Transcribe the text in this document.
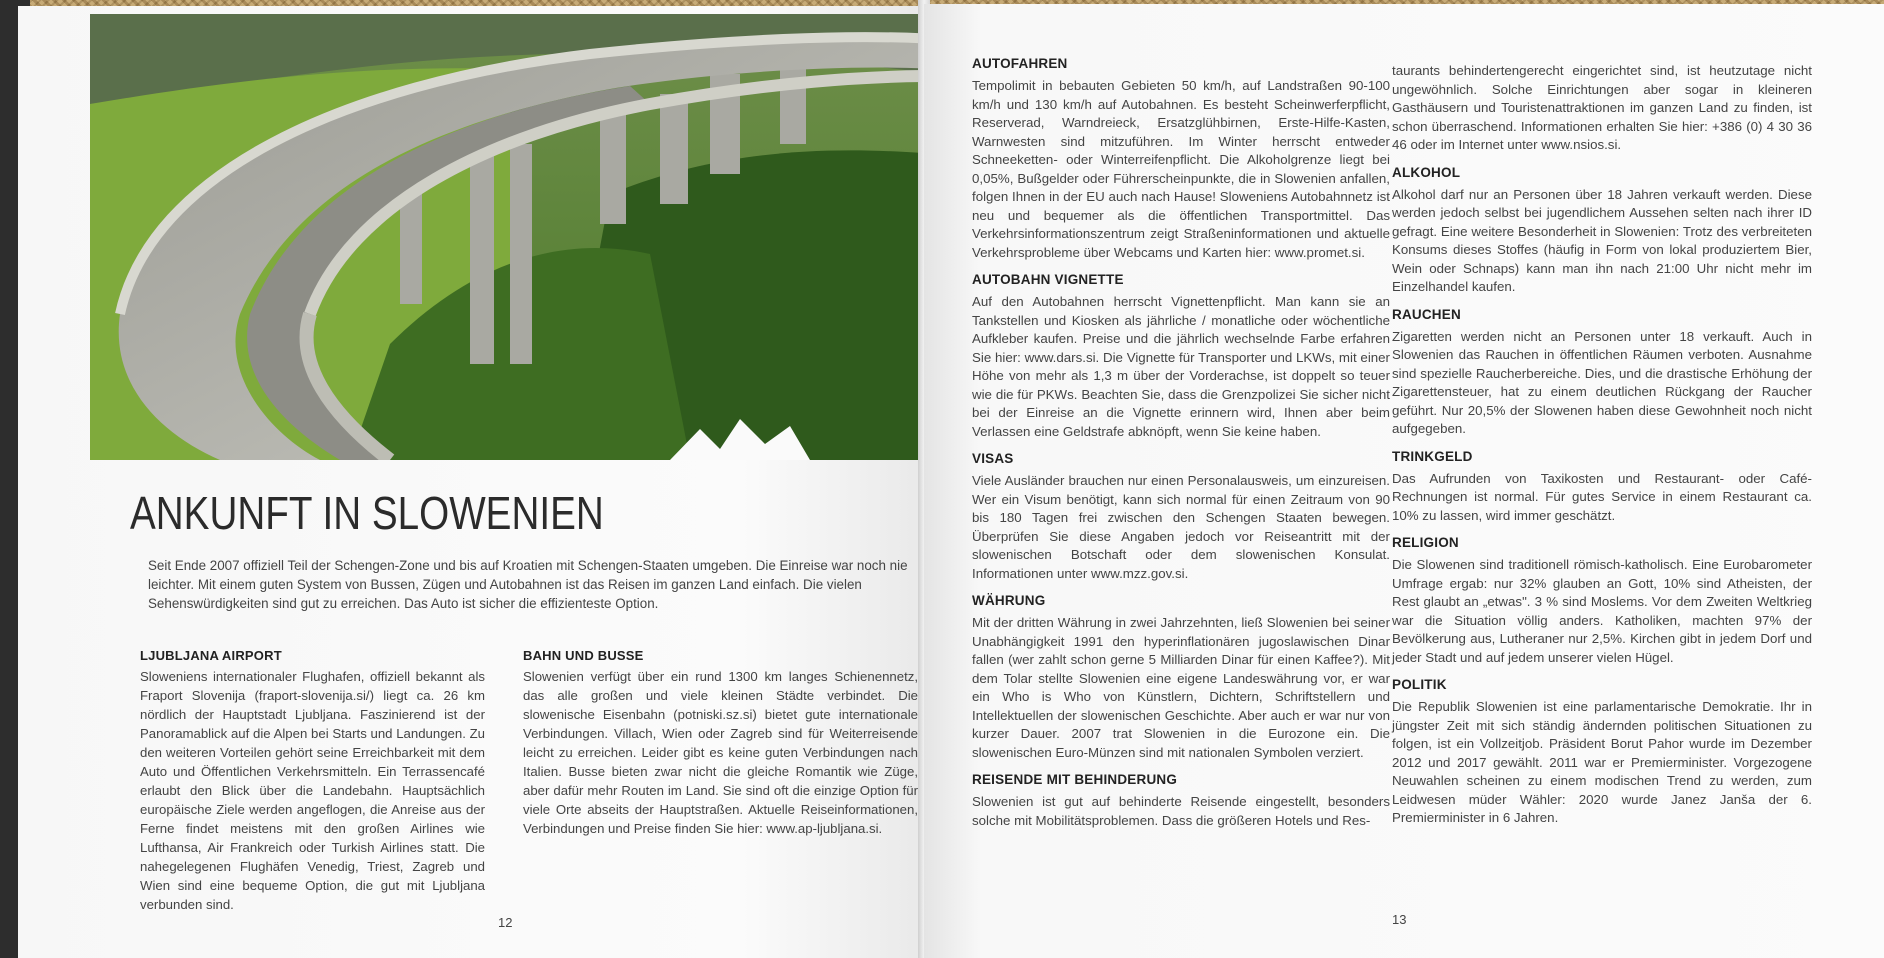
ANKUNFT IN SLOWENIEN

Seit Ende 2007 offiziell Teil der Schengen-Zone und bis auf Kroatien mit Schengen-Staaten umgeben. Die Einreise war noch nie leichter. Mit einem guten System von Bussen, Zügen und Autobahnen ist das Reisen im ganzen Land einfach. Die vielen Sehenswürdigkeiten sind gut zu erreichen. Das Auto ist sicher die effizienteste Option.

LJUBLJANA AIRPORT

Sloweniens internationaler Flughafen, offiziell bekannt als Fraport Slovenija (fraport-slovenija.si/) liegt ca. 26 km nördlich der Hauptstadt Ljubljana. Faszinierend ist der Panoramablick auf die Alpen bei Starts und Landungen. Zu den weiteren Vorteilen gehört seine Erreichbarkeit mit dem Auto und Öffentlichen Verkehrsmitteln. Ein Terrassencafé erlaubt den Blick über die Landebahn. Hauptsächlich europäische Ziele werden angeflogen, die Anreise aus der Ferne findet meistens mit den großen Airlines wie Lufthansa, Air Frankreich oder Turkish Airlines statt. Die nahegelegenen Flughäfen Venedig, Triest, Zagreb und Wien sind eine bequeme Option, die gut mit Ljubljana verbunden sind.

BAHN UND BUSSE

Slowenien verfügt über ein rund 1300 km langes Schienennetz, das alle großen und viele kleinen Städte verbindet. Die slowenische Eisenbahn (potniski.sz.si) bietet gute internationale Verbindungen. Villach, Wien oder Zagreb sind für Weiterreisende leicht zu erreichen. Leider gibt es keine guten Verbindungen nach Italien. Busse bieten zwar nicht die gleiche Romantik wie Züge, aber dafür mehr Routen im Land. Sie sind oft die einzige Option für viele Orte abseits der Hauptstraßen. Aktuelle Reiseinformationen, Verbindungen und Preise finden Sie hier: www.ap-ljubljana.si.

12
AUTOFAHREN

Tempolimit in bebauten Gebieten 50 km/h, auf Landstraßen 90-100 km/h und 130 km/h auf Autobahnen. Es besteht Scheinwerferpflicht, Reserverad, Warndreieck, Ersatzglühbirnen, Erste-Hilfe-Kasten, Warnwesten sind mitzuführen. Im Winter herrscht entweder Schneeketten- oder Winterreifenpflicht. Die Alkoholgrenze liegt bei 0,05%, Bußgelder oder Führerscheinpunkte, die in Slowenien anfallen, folgen Ihnen in der EU auch nach Hause! Sloweniens Autobahnnetz ist neu und bequemer als die öffentlichen Transportmittel. Das Verkehrsinformationszentrum zeigt Straßeninformationen und aktuelle Verkehrsprobleme über Webcams und Karten hier: www.promet.si.

AUTOBAHN VIGNETTE

Auf den Autobahnen herrscht Vignettenpflicht. Man kann sie an Tankstellen und Kiosken als jährliche / monatliche oder wöchentliche Aufkleber kaufen. Preise und die jährlich wechselnde Farbe erfahren Sie hier: www.dars.si. Die Vignette für Transporter und LKWs, mit einer Höhe von mehr als 1,3 m über der Vorderachse, ist doppelt so teuer wie die für PKWs. Beachten Sie, dass die Grenzpolizei Sie sicher nicht bei der Einreise an die Vignette erinnern wird, Ihnen aber beim Verlassen eine Geldstrafe abknöpft, wenn Sie keine haben.

VISAS

Viele Ausländer brauchen nur einen Personalausweis, um einzureisen. Wer ein Visum benötigt, kann sich normal für einen Zeitraum von 90 bis 180 Tagen frei zwischen den Schengen Staaten bewegen. Überprüfen Sie diese Angaben jedoch vor Reiseantritt mit der slowenischen Botschaft oder dem slowenischen Konsulat. Informationen unter www.mzz.gov.si.

WÄHRUNG

Mit der dritten Währung in zwei Jahrzehnten, ließ Slowenien bei seiner Unabhängigkeit 1991 den hyperinflationären jugoslawischen Dinar fallen (wer zahlt schon gerne 5 Milliarden Dinar für einen Kaffee?). Mit dem Tolar stellte Slowenien eine eigene Landeswährung vor, er war ein Who is Who von Künstlern, Dichtern, Schriftstellern und Intellektuellen der slowenischen Geschichte. Aber auch er war nur von kurzer Dauer. 2007 trat Slowenien in die Eurozone ein. Die slowenischen Euro-Münzen sind mit nationalen Symbolen verziert.

REISENDE MIT BEHINDERUNG

Slowenien ist gut auf behinderte Reisende eingestellt, besonders solche mit Mobilitätsproblemen. Dass die größeren Hotels und Res-

taurants behindertengerecht eingerichtet sind, ist heutzutage nicht ungewöhnlich. Solche Einrichtungen aber sogar in kleineren Gasthäusern und Touristenattraktionen im ganzen Land zu finden, ist schon überraschend. Informationen erhalten Sie hier: +386 (0) 4 30 36 46 oder im Internet unter www.nsios.si.

ALKOHOL

Alkohol darf nur an Personen über 18 Jahren verkauft werden. Diese werden jedoch selbst bei jugendlichem Aussehen selten nach ihrer ID gefragt. Eine weitere Besonderheit in Slowenien: Trotz des verbreiteten Konsums dieses Stoffes (häufig in Form von lokal produziertem Bier, Wein oder Schnaps) kann man ihn nach 21:00 Uhr nicht mehr im Einzelhandel kaufen.

RAUCHEN

Zigaretten werden nicht an Personen unter 18 verkauft. Auch in Slowenien das Rauchen in öffentlichen Räumen verboten. Ausnahme sind spezielle Raucherbereiche. Dies, und die drastische Erhöhung der Zigarettensteuer, hat zu einem deutlichen Rückgang der Raucher geführt. Nur 20,5% der Slowenen haben diese Gewohnheit noch nicht aufgegeben.

TRINKGELD

Das Aufrunden von Taxikosten und Restaurant- oder Café-Rechnungen ist normal. Für gutes Service in einem Restaurant ca. 10% zu lassen, wird immer geschätzt.

RELIGION

Die Slowenen sind traditionell römisch-katholisch. Eine Eurobarometer Umfrage ergab: nur 32% glauben an Gott, 10% sind Atheisten, der Rest glaubt an „etwas". 3 % sind Moslems. Vor dem Zweiten Weltkrieg war die Situation völlig anders. Katholiken, machten 97% der Bevölkerung aus, Lutheraner nur 2,5%. Kirchen gibt in jedem Dorf und jeder Stadt und auf jedem unserer vielen Hügel.

POLITIK

Die Republik Slowenien ist eine parlamentarische Demokratie. Ihr in jüngster Zeit mit sich ständig ändernden politischen Situationen zu folgen, ist ein Vollzeitjob. Präsident Borut Pahor wurde im Dezember 2012 und 2017 gewählt. 2011 war er Premierminister. Vorgezogene Neuwahlen scheinen zu einem modischen Trend zu werden, zum Leidwesen müder Wähler: 2020 wurde Janez Janša der 6. Premierminister in 6 Jahren.

13
